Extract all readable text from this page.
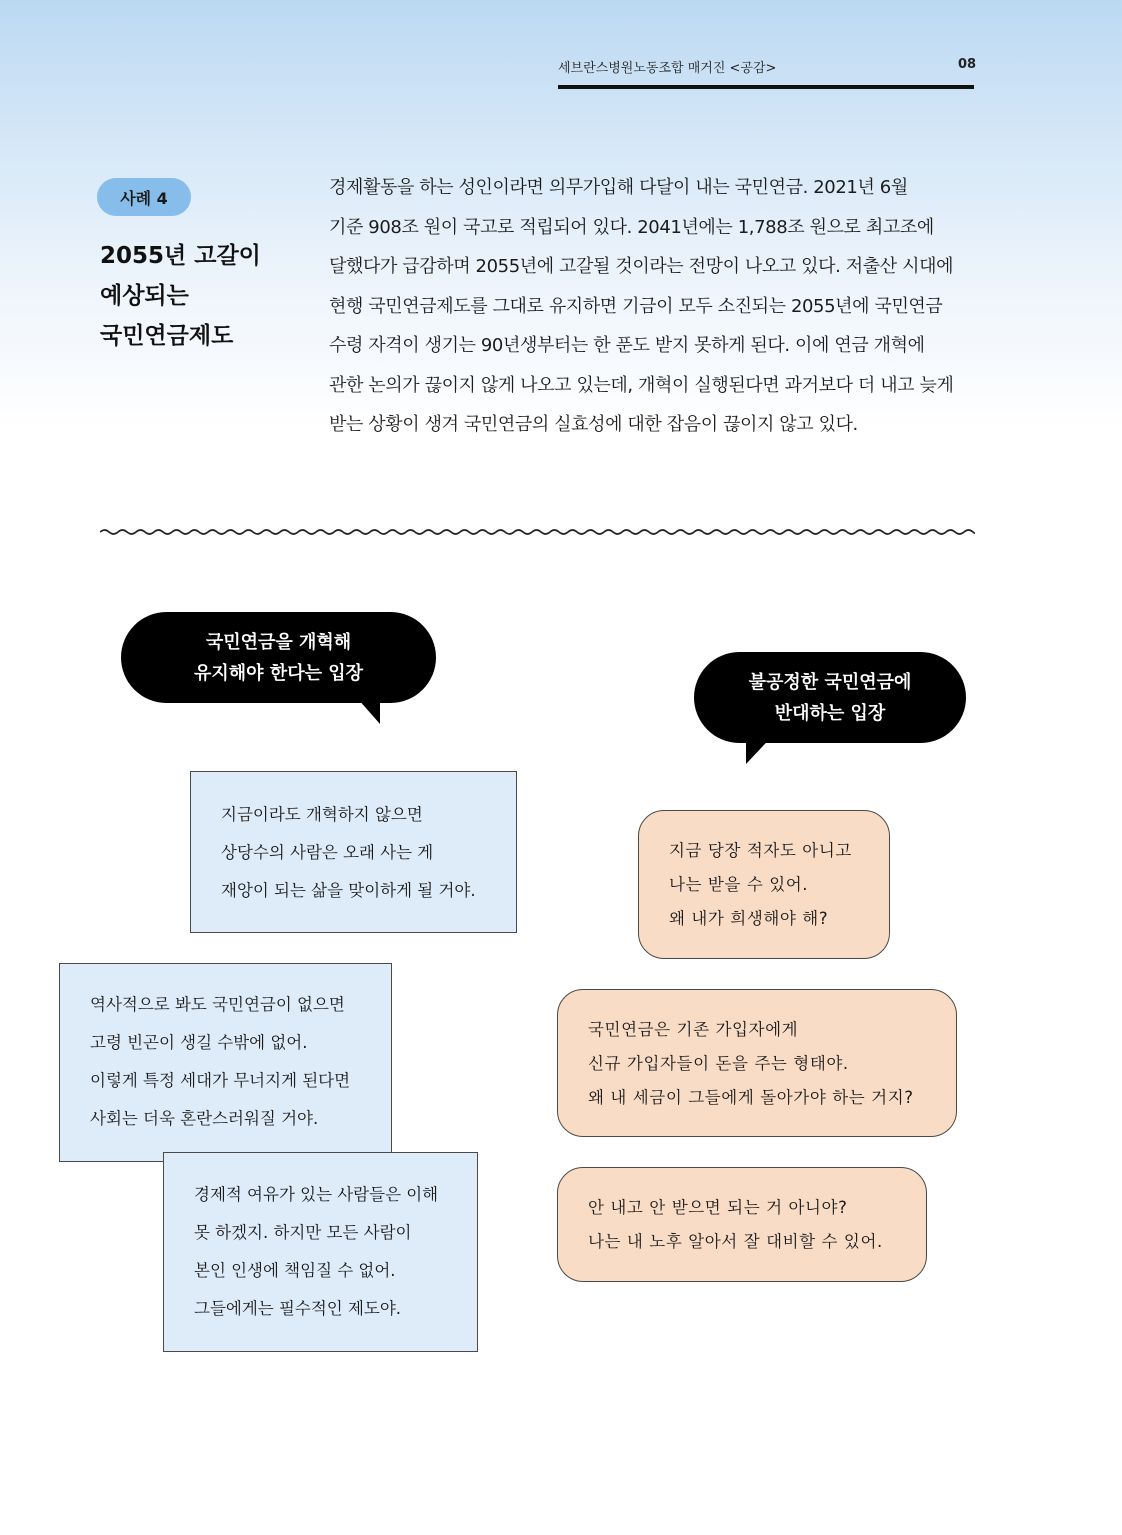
세브란스병원노동조합 매거진 <공감>	08
사례 4
2055년 고갈이
예상되는
국민연금제도
경제활동을 하는 성인이라면 의무가입해 다달이 내는 국민연금. 2021년 6월
기준 908조 원이 국고로 적립되어 있다. 2041년에는 1,788조 원으로 최고조에
달했다가 급감하며 2055년에 고갈될 것이라는 전망이 나오고 있다. 저출산 시대에
현행 국민연금제도를 그대로 유지하면 기금이 모두 소진되는 2055년에 국민연금
수령 자격이 생기는 90년생부터는 한 푼도 받지 못하게 된다. 이에 연금 개혁에
관한 논의가 끊이지 않게 나오고 있는데, 개혁이 실행된다면 과거보다 더 내고 늦게
받는 상황이 생겨 국민연금의 실효성에 대한 잡음이 끊이지 않고 있다.
국민연금을 개혁해
유지해야 한다는 입장	불공정한 국민연금에
반대하는 입장
지금이라도 개혁하지 않으면
상당수의 사람은 오래 사는 게
재앙이 되는 삶을 맞이하게 될 거야.
역사적으로 봐도 국민연금이 없으면
고령 빈곤이 생길 수밖에 없어.
이렇게 특정 세대가 무너지게 된다면
사회는 더욱 혼란스러워질 거야.
경제적 여유가 있는 사람들은 이해
못 하겠지. 하지만 모든 사람이
본인 인생에 책임질 수 없어.
그들에게는 필수적인 제도야.
지금 당장 적자도 아니고
나는 받을 수 있어.
왜 내가 희생해야 해?
국민연금은 기존 가입자에게
신규 가입자들이 돈을 주는 형태야.
왜 내 세금이 그들에게 돌아가야 하는 거지?
안 내고 안 받으면 되는 거 아니야?
나는 내 노후 알아서 잘 대비할 수 있어.
